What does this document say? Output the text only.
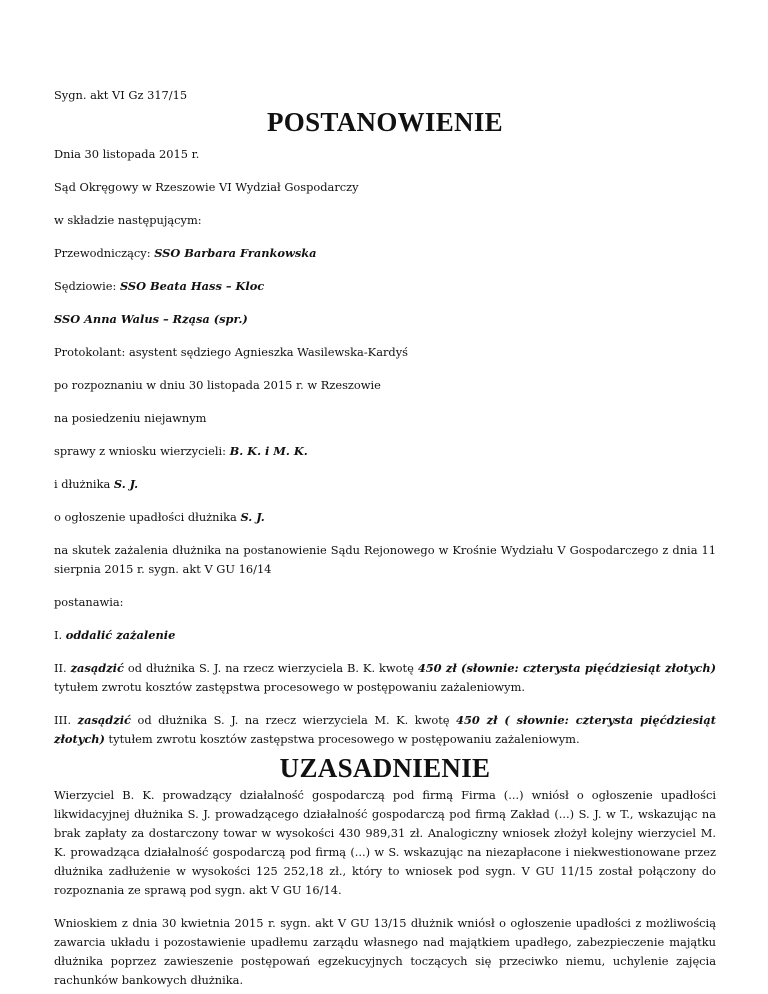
Sygn. akt VI Gz 317/15

POSTANOWIENIE

Dnia 30 listopada 2015 r.

Sąd Okręgowy w Rzeszowie VI Wydział Gospodarczy

w składzie następującym:

Przewodniczący: SSO Barbara Frankowska

Sędziowie: SSO Beata Hass – Kloc

SSO Anna Walus – Rząsa (spr.)

Protokolant: asystent sędziego Agnieszka Wasilewska-Kardyś

po rozpoznaniu w dniu 30 listopada 2015 r. w Rzeszowie

na posiedzeniu niejawnym

sprawy z wniosku wierzycieli: B. K. i M. K.

i dłużnika S. J.

o ogłoszenie upadłości dłużnika S. J.

na skutek zażalenia dłużnika na postanowienie Sądu Rejonowego w Krośnie Wydziału V Gospodarczego z dnia 11 sierpnia 2015 r. sygn. akt V GU 16/14

postanawia:

I. oddalić zażalenie

II. zasądzić od dłużnika S. J. na rzecz wierzyciela B. K. kwotę 450 zł (słownie: czterysta pięćdziesiąt złotych) tytułem zwrotu kosztów zastępstwa procesowego w postępowaniu zażaleniowym.

III. zasądzić od dłużnika S. J. na rzecz wierzyciela M. K. kwotę 450 zł ( słownie: czterysta pięćdziesiąt złotych) tytułem zwrotu kosztów zastępstwa procesowego w postępowaniu zażaleniowym.

UZASADNIENIE

Wierzyciel B. K. prowadzący działalność gospodarczą pod firmą Firma (...) wniósł o ogłoszenie upadłości likwidacyjnej dłużnika S. J. prowadzącego działalność gospodarczą pod firmą Zakład (...) S. J. w T., wskazując na brak zapłaty za dostarczony towar w wysokości 430 989,31 zł. Analogiczny wniosek złożył kolejny wierzyciel M. K. prowadząca działalność gospodarczą pod firmą (...) w S. wskazując na niezapłacone i niekwestionowane przez dłużnika zadłużenie w wysokości 125 252,18 zł., który to wniosek pod sygn. V GU 11/15 został połączony do rozpoznania ze sprawą pod sygn. akt V GU 16/14.

Wnioskiem z dnia 30 kwietnia 2015 r. sygn. akt V GU 13/15 dłużnik wniósł o ogłoszenie upadłości z możliwością zawarcia układu i pozostawienie upadłemu zarządu własnego nad majątkiem upadłego, zabezpieczenie majątku dłużnika poprzez zawieszenie postępowań egzekucyjnych toczących się przeciwko niemu, uchylenie zajęcia rachunków bankowych dłużnika.
